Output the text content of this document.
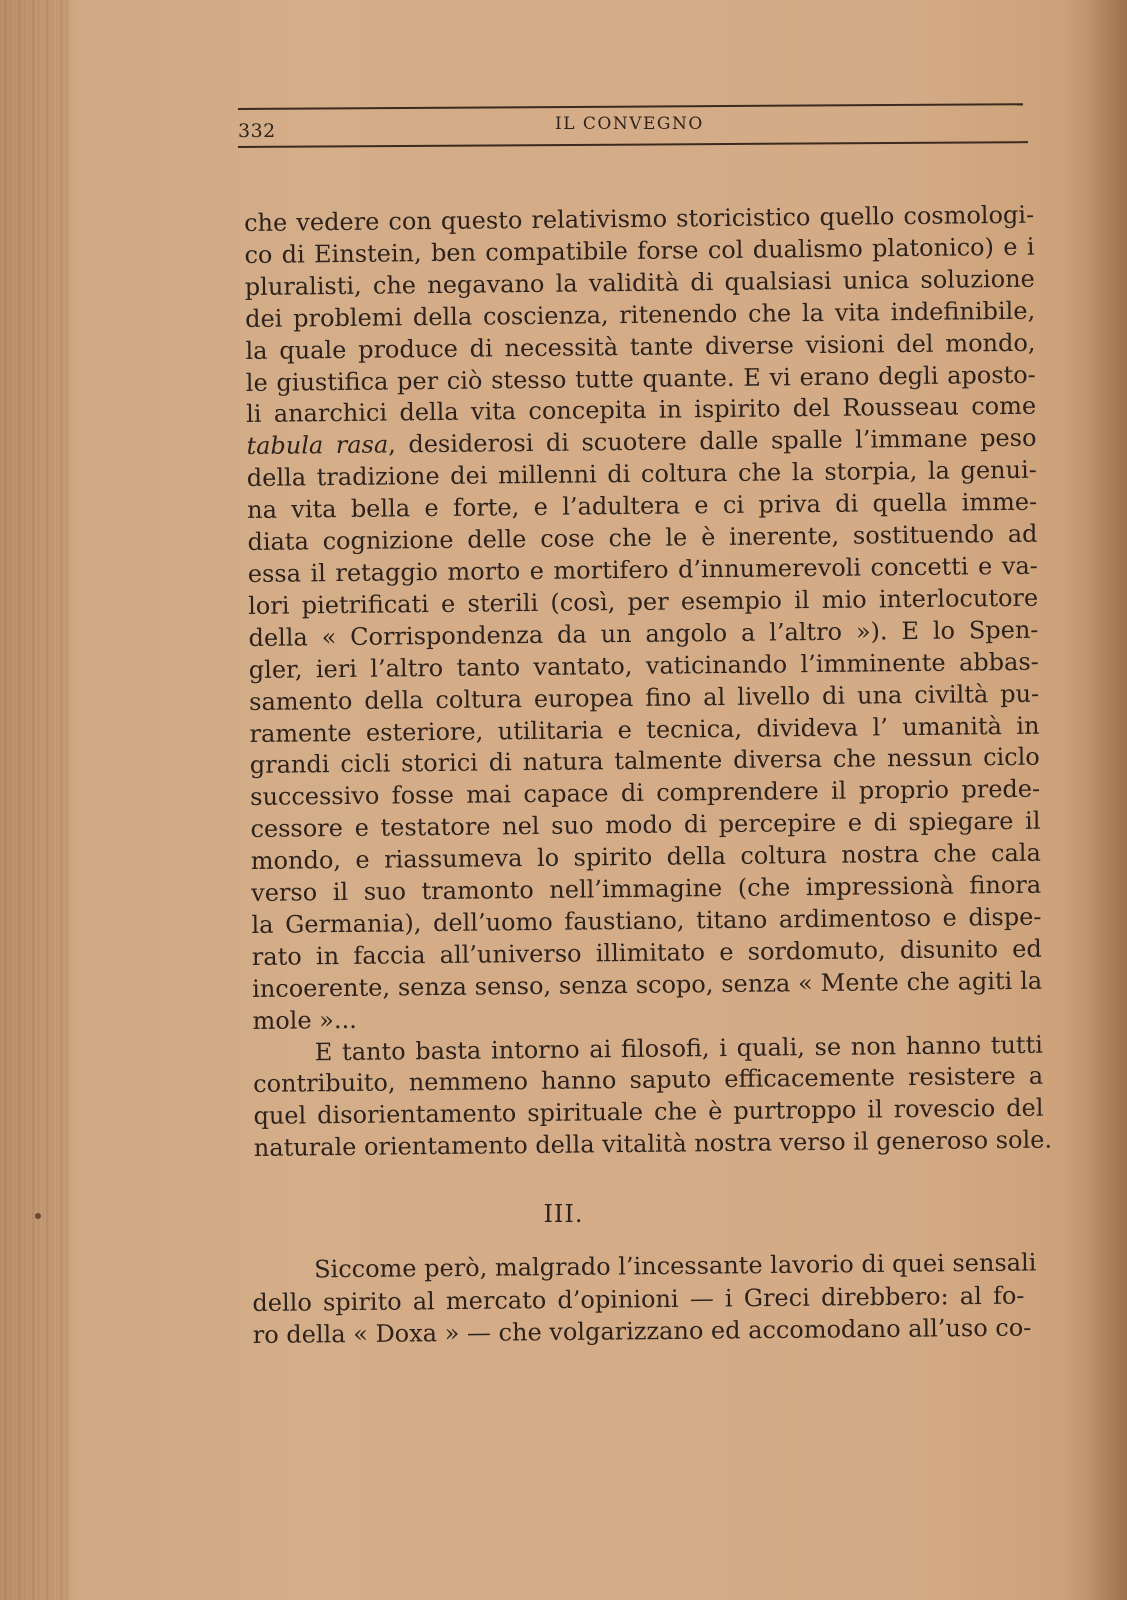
332	IL CONVEGNO
che vedere con questo relativismo storicistico quello cosmologi-
co di Einstein, ben compatibile forse col dualismo platonico) e i
pluralisti, che negavano la validità di qualsiasi unica soluzione
dei problemi della coscienza, ritenendo che la vita indefinibile,
la quale produce di necessità tante diverse visioni del mondo,
le giustifica per ciò stesso tutte quante. E vi erano degli aposto-
li anarchici della vita concepita in ispirito del Rousseau come
tabula rasa, desiderosi di scuotere dalle spalle l’immane peso
della tradizione dei millenni di coltura che la storpia, la genui-
na vita bella e forte, e l’adultera e ci priva di quella imme-
diata cognizione delle cose che le è inerente, sostituendo ad
essa il retaggio morto e mortifero d’innumerevoli concetti e va-
lori pietrificati e sterili (così, per esempio il mio interlocutore
della « Corrispondenza da un angolo a l’altro »). E lo Spen-
gler, ieri l’altro tanto vantato, vaticinando l’imminente abbas-
samento della coltura europea fino al livello di una civiltà pu-
ramente esteriore, utilitaria e tecnica, divideva l’ umanità in
grandi cicli storici di natura talmente diversa che nessun ciclo
successivo fosse mai capace di comprendere il proprio prede-
cessore e testatore nel suo modo di percepire e di spiegare il
mondo, e riassumeva lo spirito della coltura nostra che cala
verso il suo tramonto nell’immagine (che impressionà finora
la Germania), dell’uomo faustiano, titano ardimentoso e dispe-
rato in faccia all’universo illimitato e sordomuto, disunito ed
incoerente, senza senso, senza scopo, senza « Mente che agiti la
mole »...
E tanto basta intorno ai filosofi, i quali, se non hanno tutti
contribuito, nemmeno hanno saputo efficacemente resistere a
quel disorientamento spirituale che è purtroppo il rovescio del
naturale orientamento della vitalità nostra verso il generoso sole.
III.
Siccome però, malgrado l’incessante lavorio di quei sensali
dello spirito al mercato d’opinioni — i Greci direbbero: al fo-
ro della « Doxa » — che volgarizzano ed accomodano all’uso co-
